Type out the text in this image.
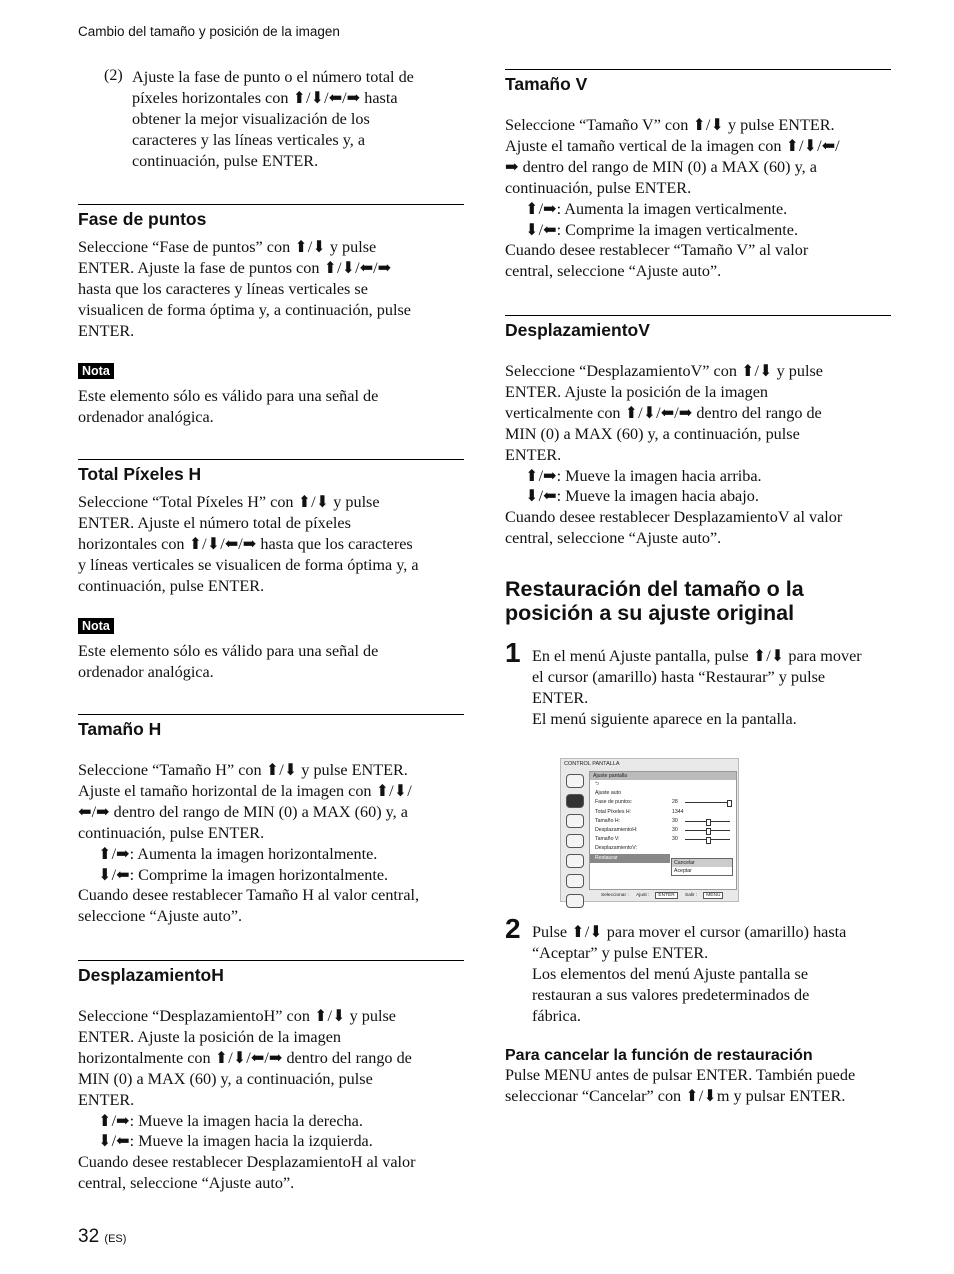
Cambio del tamaño y posición de la imagen
(2) Ajuste la fase de punto o el número total de
píxeles horizontales con ⬆/⬇/⬅/➡ hasta
obtener la mejor visualización de los
caracteres y las líneas verticales y, a
continuación, pulse ENTER.

Fase de puntos

Seleccione “Fase de puntos” con ⬆/⬇ y pulse
ENTER. Ajuste la fase de puntos con ⬆/⬇/⬅/➡
hasta que los caracteres y líneas verticales se
visualicen de forma óptima y, a continuación, pulse
ENTER.

Nota

Este elemento sólo es válido para una señal de
ordenador analógica.

Total Píxeles H

Seleccione “Total Píxeles H” con ⬆/⬇ y pulse
ENTER. Ajuste el número total de píxeles
horizontales con ⬆/⬇/⬅/➡ hasta que los caracteres
y líneas verticales se visualicen de forma óptima y, a
continuación, pulse ENTER.

Nota

Este elemento sólo es válido para una señal de
ordenador analógica.

Tamaño H

Seleccione “Tamaño H” con ⬆/⬇ y pulse ENTER.
Ajuste el tamaño horizontal de la imagen con ⬆/⬇/
⬅/➡ dentro del rango de MIN (0) a MAX (60) y, a
continuación, pulse ENTER.
⬆/➡: Aumenta la imagen horizontalmente.
⬇/⬅: Comprime la imagen horizontalmente.
Cuando desee restablecer Tamaño H al valor central,
seleccione “Ajuste auto”.

DesplazamientoH

Seleccione “DesplazamientoH” con ⬆/⬇ y pulse
ENTER. Ajuste la posición de la imagen
horizontalmente con ⬆/⬇/⬅/➡ dentro del rango de
MIN (0) a MAX (60) y, a continuación, pulse
ENTER.
⬆/➡: Mueve la imagen hacia la derecha.
⬇/⬅: Mueve la imagen hacia la izquierda.
Cuando desee restablecer DesplazamientoH al valor
central, seleccione “Ajuste auto”.

Tamaño V

Seleccione “Tamaño V” con ⬆/⬇ y pulse ENTER.
Ajuste el tamaño vertical de la imagen con ⬆/⬇/⬅/
➡ dentro del rango de MIN (0) a MAX (60) y, a
continuación, pulse ENTER.
⬆/➡: Aumenta la imagen verticalmente.
⬇/⬅: Comprime la imagen verticalmente.
Cuando desee restablecer “Tamaño V” al valor
central, seleccione “Ajuste auto”.

DesplazamientoV

Seleccione “DesplazamientoV” con ⬆/⬇ y pulse
ENTER. Ajuste la posición de la imagen
verticalmente con ⬆/⬇/⬅/➡ dentro del rango de
MIN (0) a MAX (60) y, a continuación, pulse
ENTER.
⬆/➡: Mueve la imagen hacia arriba.
⬇/⬅: Mueve la imagen hacia abajo.
Cuando desee restablecer DesplazamientoV al valor
central, seleccione “Ajuste auto”.

Restauración del tamaño o la
posición a su ajuste original

1 En el menú Ajuste pantalla, pulse ⬆/⬇ para mover
el cursor (amarillo) hasta “Restaurar” y pulse
ENTER.
El menú siguiente aparece en la pantalla.

CONTROL PANTALLA
Ajuste pantalla
⮌
Ajuste auto
Fase de puntos:	28
Total Píxeles H:	1344
Tamaño H:	30
DesplazamientoH:	30
Tamaño V:	30
DesplazamientoV:
Restaurar
Cancelar
Aceptar
Seleccionar : Ajust : ENTER Salir : MENU
2 Pulse ⬆/⬇ para mover el cursor (amarillo) hasta
“Aceptar” y pulse ENTER.
Los elementos del menú Ajuste pantalla se
restauran a sus valores predeterminados de
fábrica.

Para cancelar la función de restauración

Pulse MENU antes de pulsar ENTER. También puede
seleccionar “Cancelar” con ⬆/⬇m y pulsar ENTER.

32 (ES)
